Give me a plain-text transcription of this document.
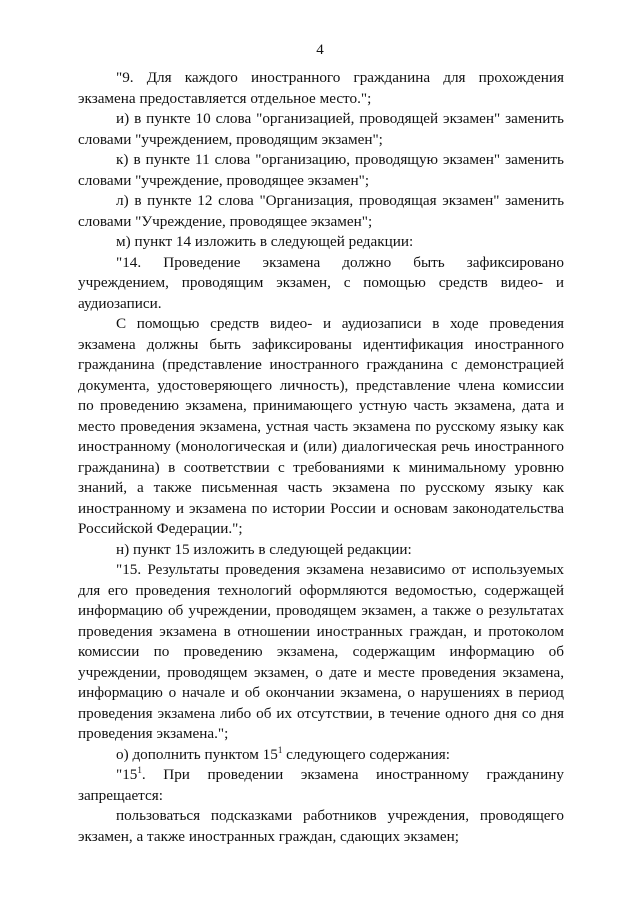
4

"9. Для каждого иностранного гражданина для прохождения экзамена предоставляется отдельное место.";

и) в пункте 10 слова "организацией, проводящей экзамен" заменить словами "учреждением, проводящим экзамен";

к) в пункте 11 слова "организацию, проводящую экзамен" заменить словами "учреждение, проводящее экзамен";

л) в пункте 12 слова "Организация, проводящая экзамен" заменить словами "Учреждение, проводящее экзамен";

м) пункт 14 изложить в следующей редакции:

"14. Проведение экзамена должно быть зафиксировано учреждением, проводящим экзамен, с помощью средств видео- и аудиозаписи.

С помощью средств видео- и аудиозаписи в ходе проведения экзамена должны быть зафиксированы идентификация иностранного гражданина (представление иностранного гражданина с демонстрацией документа, удостоверяющего личность), представление члена комиссии по проведению экзамена, принимающего устную часть экзамена, дата и место проведения экзамена, устная часть экзамена по русскому языку как иностранному (монологическая и (или) диалогическая речь иностранного гражданина) в соответствии с требованиями к минимальному уровню знаний, а также письменная часть экзамена по русскому языку как иностранному и экзамена по истории России и основам законодательства Российской Федерации.";

н) пункт 15 изложить в следующей редакции:

"15. Результаты проведения экзамена независимо от используемых для его проведения технологий оформляются ведомостью, содержащей информацию об учреждении, проводящем экзамен, а также о результатах проведения экзамена в отношении иностранных граждан, и протоколом комиссии по проведению экзамена, содержащим информацию об учреждении, проводящем экзамен, о дате и месте проведения экзамена, информацию о начале и об окончании экзамена, о нарушениях в период проведения экзамена либо об их отсутствии, в течение одного дня со дня проведения экзамена.";

о) дополнить пунктом $15^1$ следующего содержания:

"$15^1$. При проведении экзамена иностранному гражданину запрещается:

пользоваться подсказками работников учреждения, проводящего экзамен, а также иностранных граждан, сдающих экзамен;
